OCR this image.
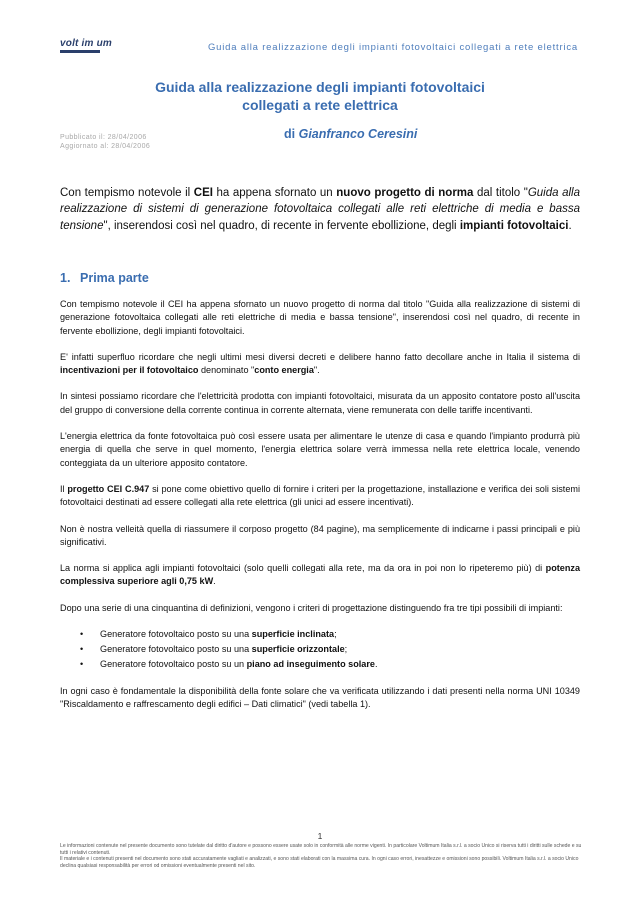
volt im um	Guida alla realizzazione degli impianti fotovoltaici collegati a rete elettrica
Guida alla realizzazione degli impianti fotovoltaici
collegati a rete elettrica
Pubblicato il: 28/04/2006
Aggiornato al: 28/04/2006
di Gianfranco Ceresini
Con tempismo notevole il CEI ha appena sfornato un nuovo progetto di norma dal titolo "Guida alla realizzazione di sistemi di generazione fotovoltaica collegati alle reti elettriche di media e bassa tensione", inserendosi così nel quadro, di recente in fervente ebollizione, degli impianti fotovoltaici.
1. Prima parte

Con tempismo notevole il CEI ha appena sfornato un nuovo progetto di norma dal titolo "Guida alla realizzazione di sistemi di generazione fotovoltaica collegati alle reti elettriche di media e bassa tensione", inserendosi così nel quadro, di recente in fervente ebollizione, degli impianti fotovoltaici.

E' infatti superfluo ricordare che negli ultimi mesi diversi decreti e delibere hanno fatto decollare anche in Italia il sistema di incentivazioni per il fotovoltaico denominato "conto energia".

In sintesi possiamo ricordare che l'elettricità prodotta con impianti fotovoltaici, misurata da un apposito contatore posto all'uscita del gruppo di conversione della corrente continua in corrente alternata, viene remunerata con delle tariffe incentivanti.

L'energia elettrica da fonte fotovoltaica può così essere usata per alimentare le utenze di casa e quando l'impianto produrrà più energia di quella che serve in quel momento, l'energia elettrica solare verrà immessa nella rete elettrica locale, venendo conteggiata da un ulteriore apposito contatore.

Il progetto CEI C.947 si pone come obiettivo quello di fornire i criteri per la progettazione, installazione e verifica dei soli sistemi fotovoltaici destinati ad essere collegati alla rete elettrica (gli unici ad essere incentivati).

Non è nostra velleità quella di riassumere il corposo progetto (84 pagine), ma semplicemente di indicarne i passi principali e più significativi.

La norma si applica agli impianti fotovoltaici (solo quelli collegati alla rete, ma da ora in poi non lo ripeteremo più) di potenza complessiva superiore agli 0,75 kW.

Dopo una serie di una cinquantina di definizioni, vengono i criteri di progettazione distinguendo fra tre tipi possibili di impianti:

• Generatore fotovoltaico posto su una superficie inclinata;
• Generatore fotovoltaico posto su una superficie orizzontale;
• Generatore fotovoltaico posto su un piano ad inseguimento solare.

In ogni caso è fondamentale la disponibilità della fonte solare che va verificata utilizzando i dati presenti nella norma UNI 10349 "Riscaldamento e raffrescamento degli edifici – Dati climatici" (vedi tabella 1).

1
Le informazioni contenute nel presente documento sono tutelate dal diritto d'autore e possono essere usate solo in conformità alle norme vigenti. In particolare Voltimum Italia s.r.l. a socio Unico si riserva tutti i diritti sulle schede e su tutti i relativi contenuti.
Il materiale e i contenuti presenti nel documento sono stati accuratamente vagliati e analizzati, e sono stati elaborati con la massima cura. In ogni caso errori, inesattezze e omissioni sono possibili. Voltimum Italia s.r.l. a socio Unico declina qualsiasi responsabilità per errori od omissioni eventualmente presenti nel sito.
